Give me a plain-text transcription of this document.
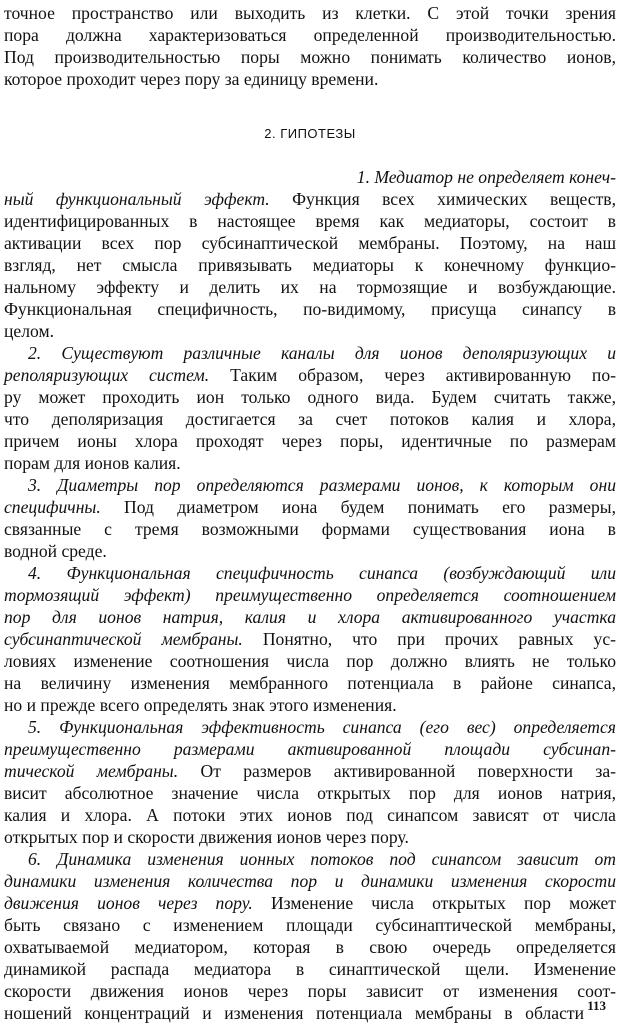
точное пространство или выходить из клетки. С этой точки зрения
пора должна характеризоваться определенной производительностью.
Под производительностью поры можно понимать количество ионов,
которое проходит через пору за единицу времени.
2. ГИПОТЕЗЫ
1. Медиатор не определяет конеч-
ный функциональный эффект. Функция всех химических веществ,
идентифицированных в настоящее время как медиаторы, состоит в
активации всех пор субсинаптической мембраны. Поэтому, на наш
взгляд, нет смысла привязывать медиаторы к конечному функцио-
нальному эффекту и делить их на тормозящие и возбуждающие.
Функциональная специфичность, по-видимому, присуща синапсу в
целом.
2. Существуют различные каналы для ионов деполяризующих и
реполяризующих систем. Таким образом, через активированную по-
ру может проходить ион только одного вида. Будем считать также,
что деполяризация достигается за счет потоков калия и хлора,
причем ионы хлора проходят через поры, идентичные по размерам
порам для ионов калия.
3. Диаметры пор определяются размерами ионов, к которым они
специфичны. Под диаметром иона будем понимать его размеры,
связанные с тремя возможными формами существования иона в
водной среде.
4. Функциональная специфичность синапса (возбуждающий или
тормозящий эффект) преимущественно определяется соотношением
пор для ионов натрия, калия и хлора активированного участка
субсинаптической мембраны. Понятно, что при прочих равных ус-
ловиях изменение соотношения числа пор должно влиять не только
на величину изменения мембранного потенциала в районе синапса,
но и прежде всего определять знак этого изменения.
5. Функциональная эффективность синапса (его вес) определяется
преимущественно размерами активированной площади субсинап-
тической мембраны. От размеров активированной поверхности за-
висит абсолютное значение числа открытых пор для ионов натрия,
калия и хлора. А потоки этих ионов под синапсом зависят от числа
открытых пор и скорости движения ионов через пору.
6. Динамика изменения ионных потоков под синапсом зависит от
динамики изменения количества пор и динамики изменения скорости
движения ионов через пору. Изменение числа открытых пор может
быть связано с изменением площади субсинаптической мембраны,
охватываемой медиатором, которая в свою очередь определяется
динамикой распада медиатора в синаптической щели. Изменение
скорости движения ионов через поры зависит от изменения соот-
ношений концентраций и изменения потенциала мембраны в области 113
